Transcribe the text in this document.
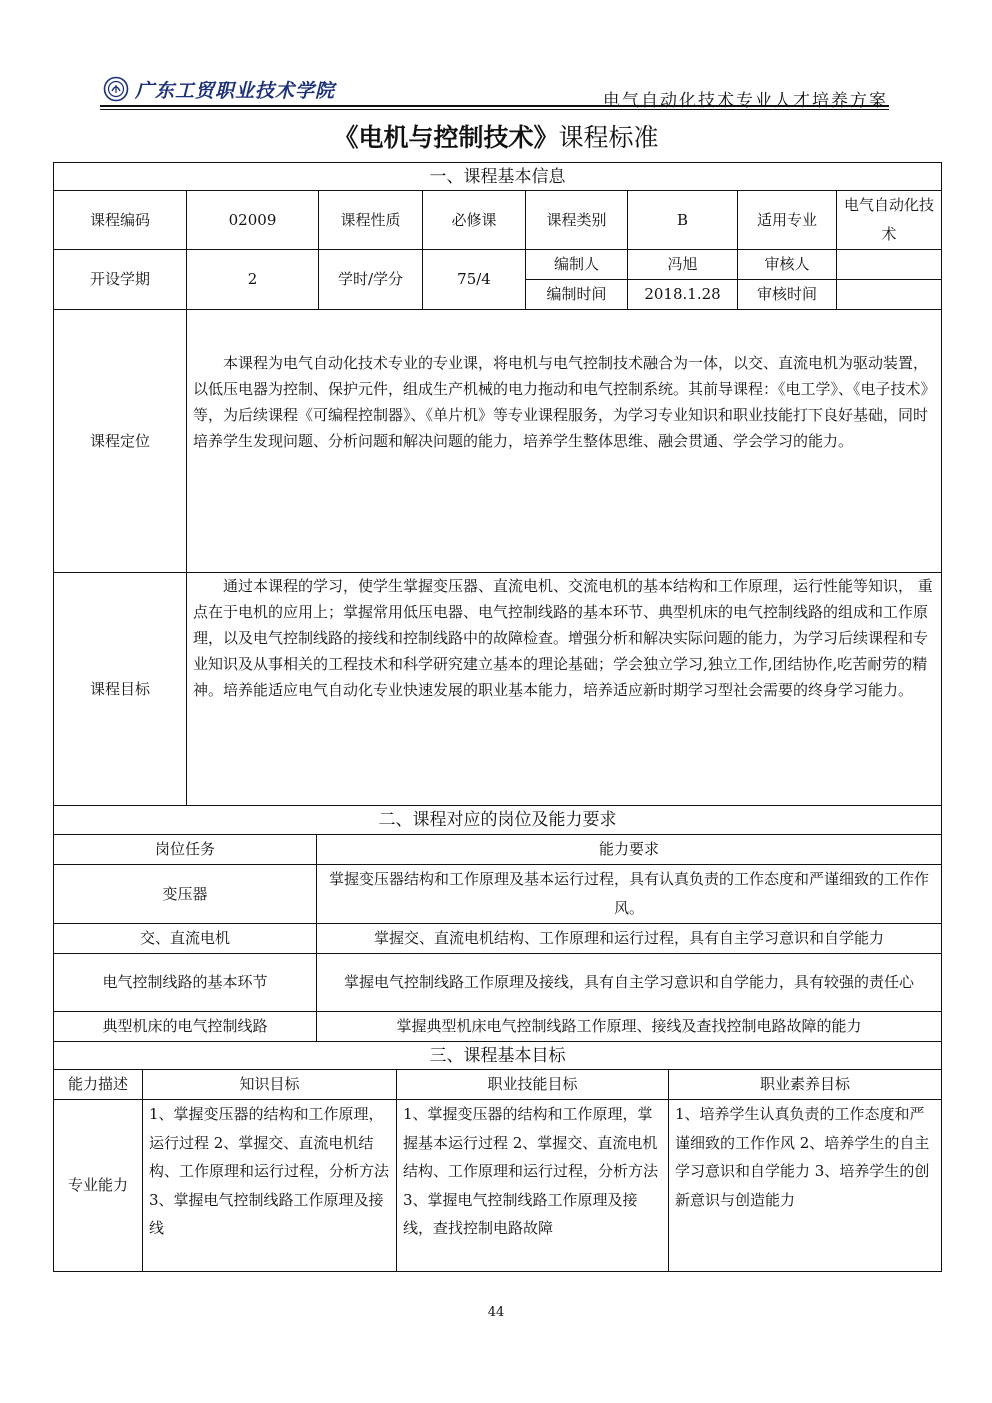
广东工贸职业技术学院	电气自动化技术专业人才培养方案
《电机与控制技术》课程标准
一、课程基本信息							
课程编码	02009	课程性质	必修课	课程类别	B	适用专业	电气自动化技术
开设学期	2	学时/学分	75/4	编制人	冯旭	审核人	
				编制时间	2018.1.28	审核时间	
课程定位	本课程为电气自动化技术专业的专业课，将电机与电气控制技术融合为一体，以交、直流电机为驱动装置，以低压电器为控制、保护元件，组成生产机械的电力拖动和电气控制系统。其前导课程：《电工学》、《电子技术》等，为后续课程《可编程控制器》、《单片机》等专业课程服务，为学习专业知识和职业技能打下良好基础，同时培养学生发现问题、分析问题和解决问题的能力，培养学生整体思维、融会贯通、学会学习的能力。						
课程目标	通过本课程的学习，使学生掌握变压器、直流电机、交流电机的基本结构和工作原理，运行性能等知识， 重点在于电机的应用上；掌握常用低压电器、电气控制线路的基本环节、典型机床的电气控制线路的组成和工作原理，以及电气控制线路的接线和控制线路中的故障检查。增强分析和解决实际问题的能力，为学习后续课程和专业知识及从事相关的工程技术和科学研究建立基本的理论基础；学会独立学习,独立工作,团结协作,吃苦耐劳的精神。培养能适应电气自动化专业快速发展的职业基本能力，培养适应新时期学习型社会需要的终身学习能力。						
二、课程对应的岗位及能力要求	
岗位任务	能力要求
变压器	掌握变压器结构和工作原理及基本运行过程，具有认真负责的工作态度和严谨细致的工作作风。
交、直流电机	掌握交、直流电机结构、工作原理和运行过程，具有自主学习意识和自学能力
电气控制线路的基本环节	掌握电气控制线路工作原理及接线，具有自主学习意识和自学能力，具有较强的责任心
典型机床的电气控制线路	掌握典型机床电气控制线路工作原理、接线及查找控制电路故障的能力
三、课程基本目标			
能力描述	知识目标	职业技能目标	职业素养目标
专业能力	1、掌握变压器的结构和工作原理，运行过程 2、掌握交、直流电机结构、工作原理和运行过程，分析方法 3、掌握电气控制线路工作原理及接线	1、掌握变压器的结构和工作原理，掌握基本运行过程 2、掌握交、直流电机结构、工作原理和运行过程，分析方法 3、掌握电气控制线路工作原理及接线，查找控制电路故障	1、培养学生认真负责的工作态度和严谨细致的工作作风 2、培养学生的自主学习意识和自学能力 3、培养学生的创新意识与创造能力
44
